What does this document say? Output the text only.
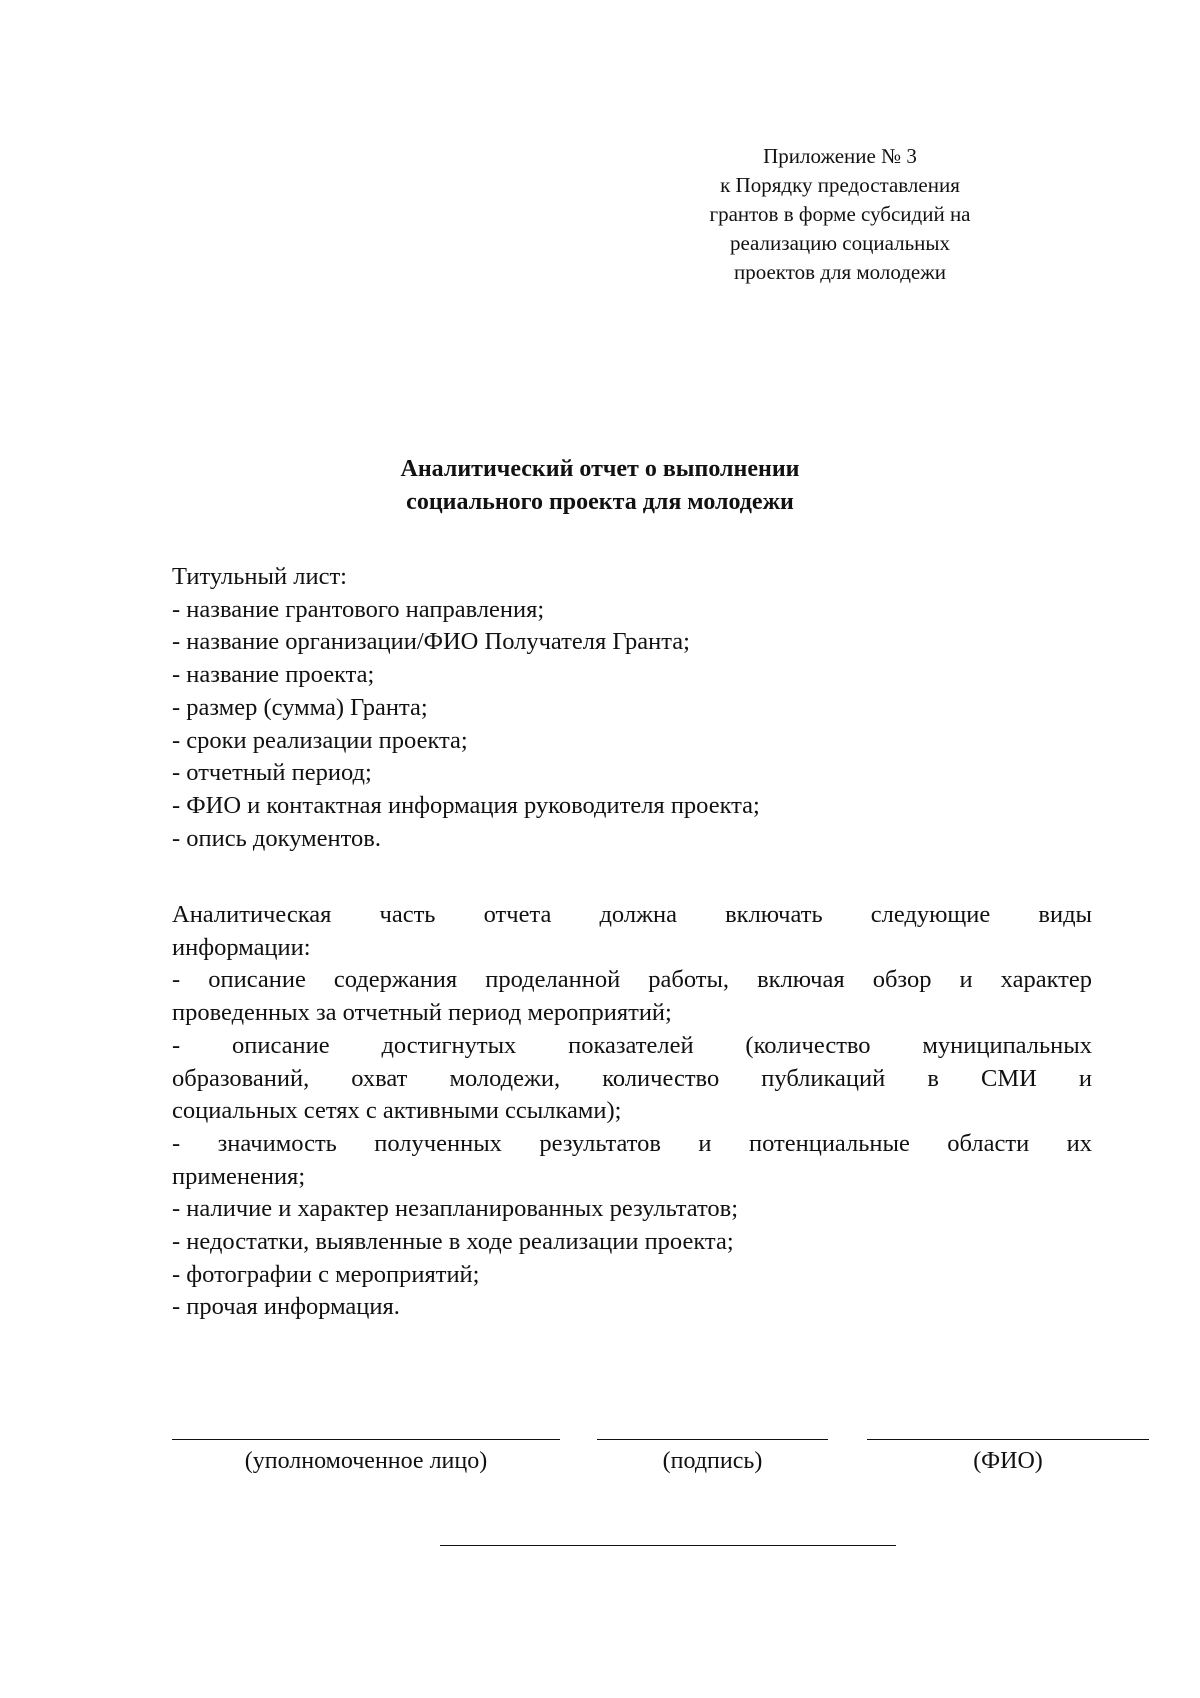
Приложение № 3
к Порядку предоставления
грантов в форме субсидий на
реализацию социальных
проектов для молодежи
Аналитический отчет о выполнении
социального проекта для молодежи
Титульный лист:
- название грантового направления;
- название организации/ФИО Получателя Гранта;
- название проекта;
- размер (сумма) Гранта;
- сроки реализации проекта;
- отчетный период;
- ФИО и контактная информация руководителя проекта;
- опись документов.
Аналитическая часть отчета должна включать следующие виды
информации:
- описание содержания проделанной работы, включая обзор и характер
проведенных за отчетный период мероприятий;
- описание достигнутых показателей (количество муниципальных
образований, охват молодежи, количество публикаций в СМИ и
социальных сетях с активными ссылками);
- значимость полученных результатов и потенциальные области их
применения;
- наличие и характер незапланированных результатов;
- недостатки, выявленные в ходе реализации проекта;
- фотографии с мероприятий;
- прочая информация.
(уполномоченное лицо)	(подпись)	(ФИО)
